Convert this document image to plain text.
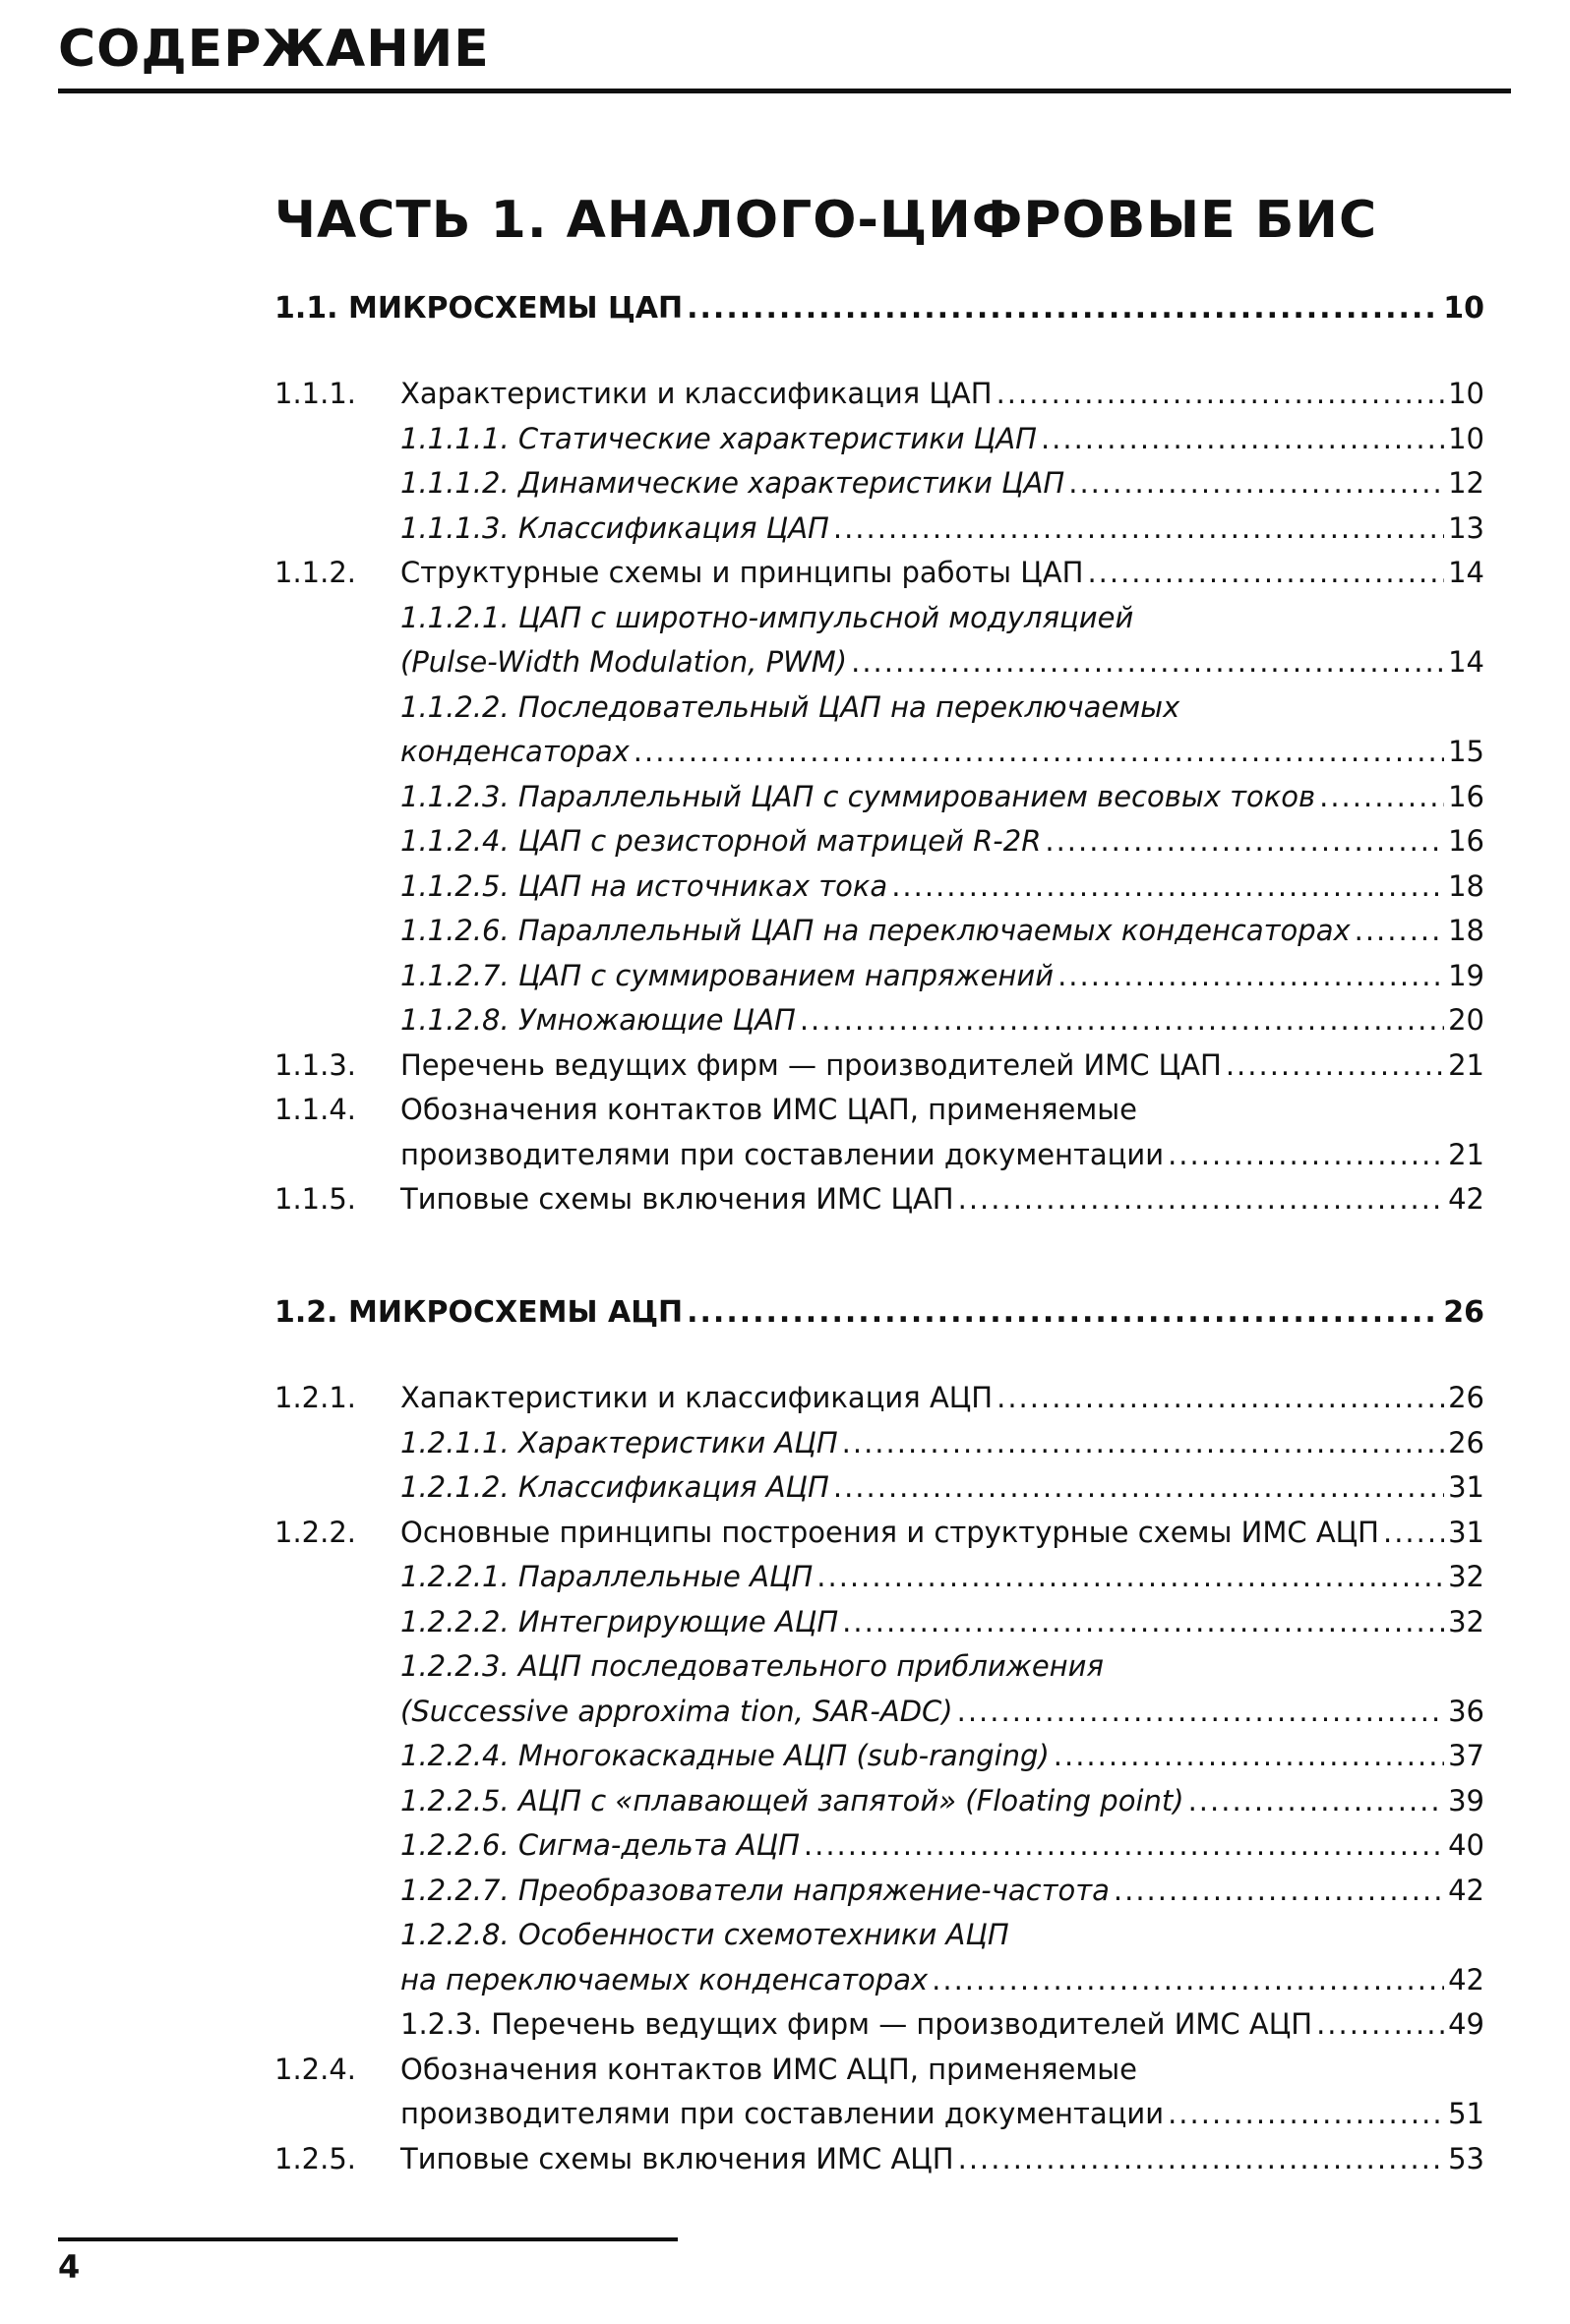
СОДЕРЖАНИЕ
ЧАСТЬ 1. АНАЛОГО-ЦИФРОВЫЕ БИС
1.1. МИКРОСХЕМЫ ЦАП .....	10
1.1.1.	Характеристики и классификация ЦАП .....	10
1.1.1.1. Статические характеристики ЦАП .....	10
1.1.1.2. Динамические характеристики ЦАП .....	12
1.1.1.3. Классификация ЦАП .....	13
1.1.2.	Структурные схемы и принципы работы ЦАП .....	14
1.1.2.1. ЦАП с широтно-импульсной модуляцией
(Pulse-Width Modulation, PWM) .....	14
1.1.2.2. Последовательный ЦАП на переключаемых
конденсаторах .....	15
1.1.2.3. Параллельный ЦАП с суммированием весовых токов .....	16
1.1.2.4. ЦАП с резисторной матрицей R-2R .....	16
1.1.2.5. ЦАП на источниках тока .....	18
1.1.2.6. Параллельный ЦАП на переключаемых конденсаторах .....	18
1.1.2.7. ЦАП с суммированием напряжений .....	19
1.1.2.8. Умножающие ЦАП .....	20
1.1.3.	Перечень ведущих фирм — производителей ИМС ЦАП .....	21
1.1.4.	Обозначения контактов ИМС ЦАП, применяемые
производителями при составлении документации .....	21
1.1.5.	Типовые схемы включения ИМС ЦАП .....	42
1.2. МИКРОСХЕМЫ АЦП .....	26
1.2.1.	Хапактеристики и классификация АЦП .....	26
1.2.1.1. Характеристики АЦП .....	26
1.2.1.2. Классификация АЦП .....	31
1.2.2.	Основные принципы построения и структурные схемы ИМС АЦП ..... 31
1.2.2.1. Параллельные АЦП .....	32
1.2.2.2. Интегрирующие АЦП .....	32
1.2.2.3. АЦП последовательного приближения
(Successive approxima tion, SAR-ADC) .....	36
1.2.2.4. Многокаскадные АЦП (sub-ranging) .....	37
1.2.2.5. АЦП с «плавающей запятой» (Floating point) .....	39
1.2.2.6. Сигма-дельта АЦП .....	40
1.2.2.7. Преобразователи напряжение-частота .....	42
1.2.2.8. Особенности схемотехники АЦП
на переключаемых конденсаторах .....	42
1.2.3. Перечень ведущих фирм — производителей ИМС АЦП .....	49
1.2.4.	Обозначения контактов ИМС АЦП, применяемые
производителями при составлении документации .....	51
1.2.5.	Типовые схемы включения ИМС АЦП .....	53

4
